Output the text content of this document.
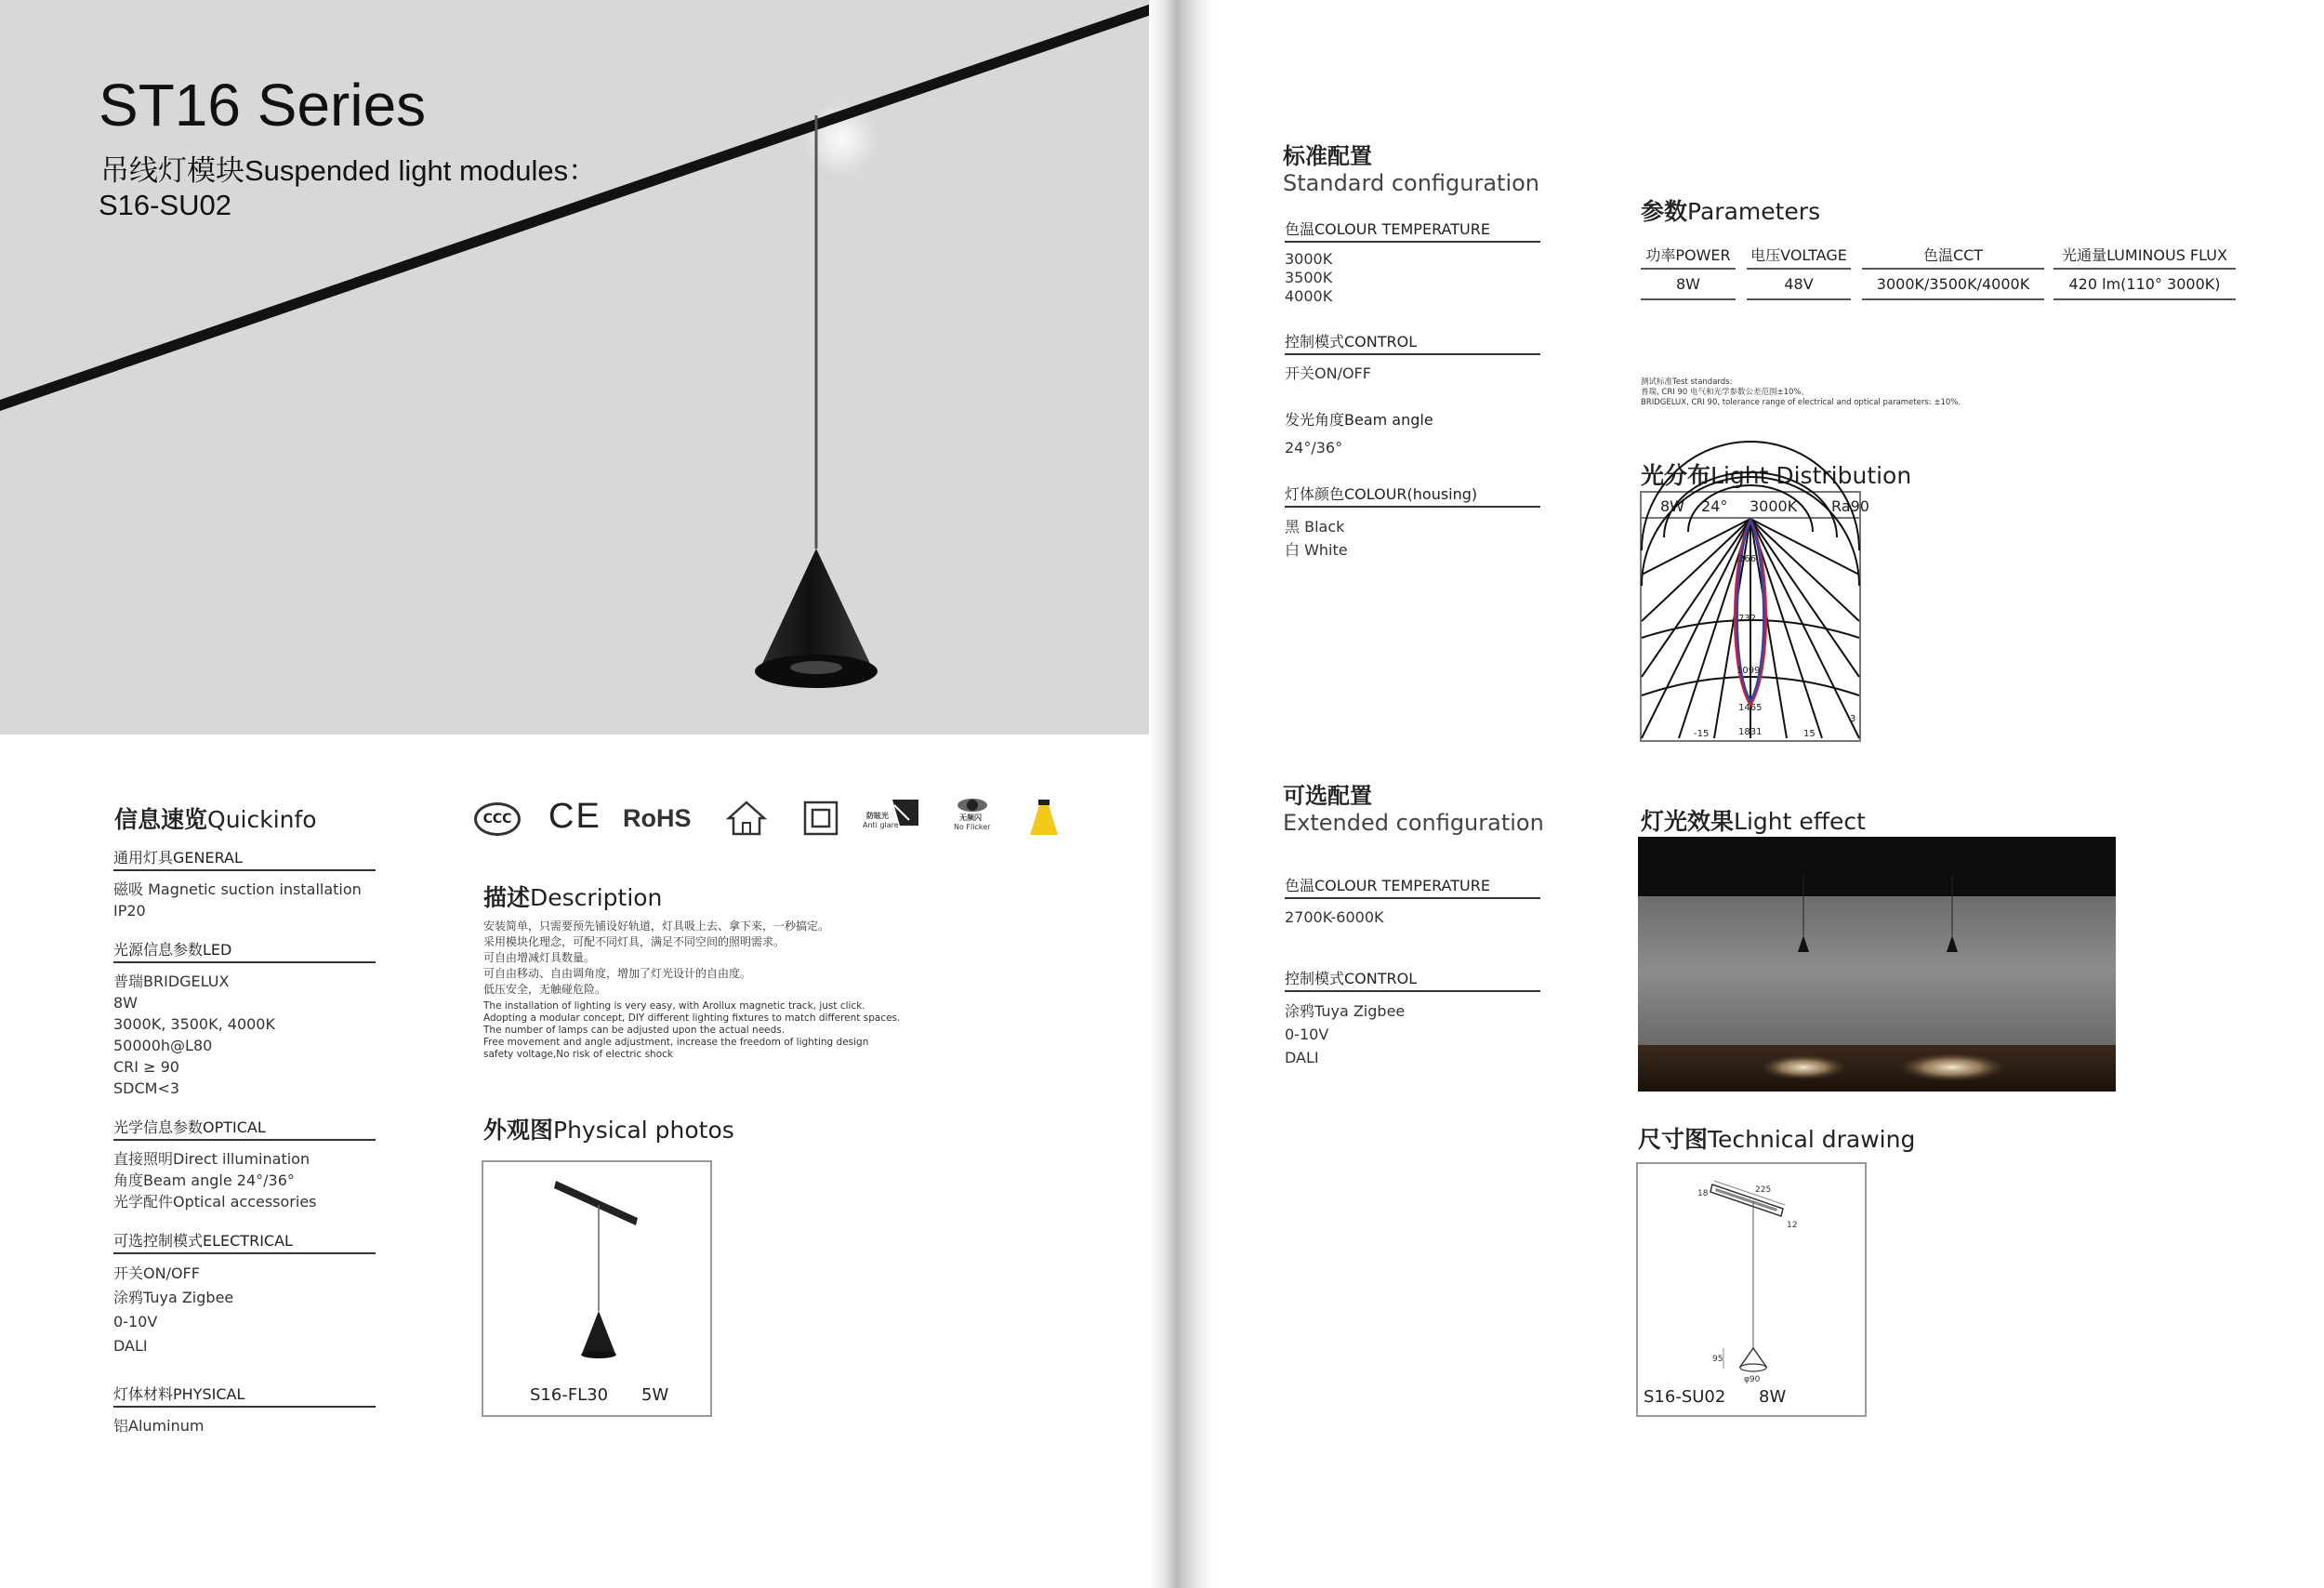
ST16 Series
吊线灯模块Suspended light modules：
S16-SU02
信息速览Quickinfo
通用灯具GENERAL
磁吸 Magnetic suction installation
IP20
光源信息参数LED
普瑞BRIDGELUX
8W
3000K, 3500K, 4000K
50000h@L80
CRI ≥ 90
SDCM<3
光学信息参数OPTICAL
直接照明Direct illumination
角度Beam angle 24°/36°
光学配件Optical accessories
可选控制模式ELECTRICAL
开关ON/OFF
涂鸦Tuya Zigbee
0-10V
DALI
灯体材料PHYSICAL
铝Aluminum
CCC CE RoHS	防眩光
Anti glare
无频闪
No Flicker
描述Description
安装简单，只需要预先铺设好轨道，灯具吸上去、拿下来，一秒搞定。
采用模块化理念，可配不同灯具，满足不同空间的照明需求。
可自由增减灯具数量。
可自由移动、自由调角度，增加了灯光设计的自由度。
低压安全，无触碰危险。
The installation of lighting is very easy, with Arollux magnetic track, just click.
Adopting a modular concept, DIY different lighting fixtures to match different spaces.
The number of lamps can be adjusted upon the actual needs.
Free movement and angle adjustment, increase the freedom of lighting design
safety voltage,No risk of electric shock
外观图Physical photos
S16-FL30 5W
标准配置
Standard configuration
色温COLOUR TEMPERATURE
3000K
3500K
4000K
控制模式CONTROL
开关ON/OFF
发光角度Beam angle
24°/36°
灯体颜色COLOUR(housing)
黑 Black
白 White
参数Parameters
功率POWER
8W
电压VOLTAGE
48V
色温CCT
3000K/3500K/4000K
光通量LUMINOUS FLUX
420 lm(110° 3000K)
测试标准Test standards:
普瑞, CRI 90 电气和光学参数公差范围±10%。
BRIDGELUX, CRI 90, tolerance range of electrical and optical parameters: ±10%.
光分布Light Distribution
8W 24° 3000K Ra90
366
732
1099
1465
1831
-15	15
3
可选配置
Extended configuration
色温COLOUR TEMPERATURE
2700K-6000K
控制模式CONTROL
涂鸦Tuya Zigbee
0-10V
DALI
灯光效果Light effect
尺寸图Technical drawing
225
18
12
95
φ90
S16-SU02 8W
